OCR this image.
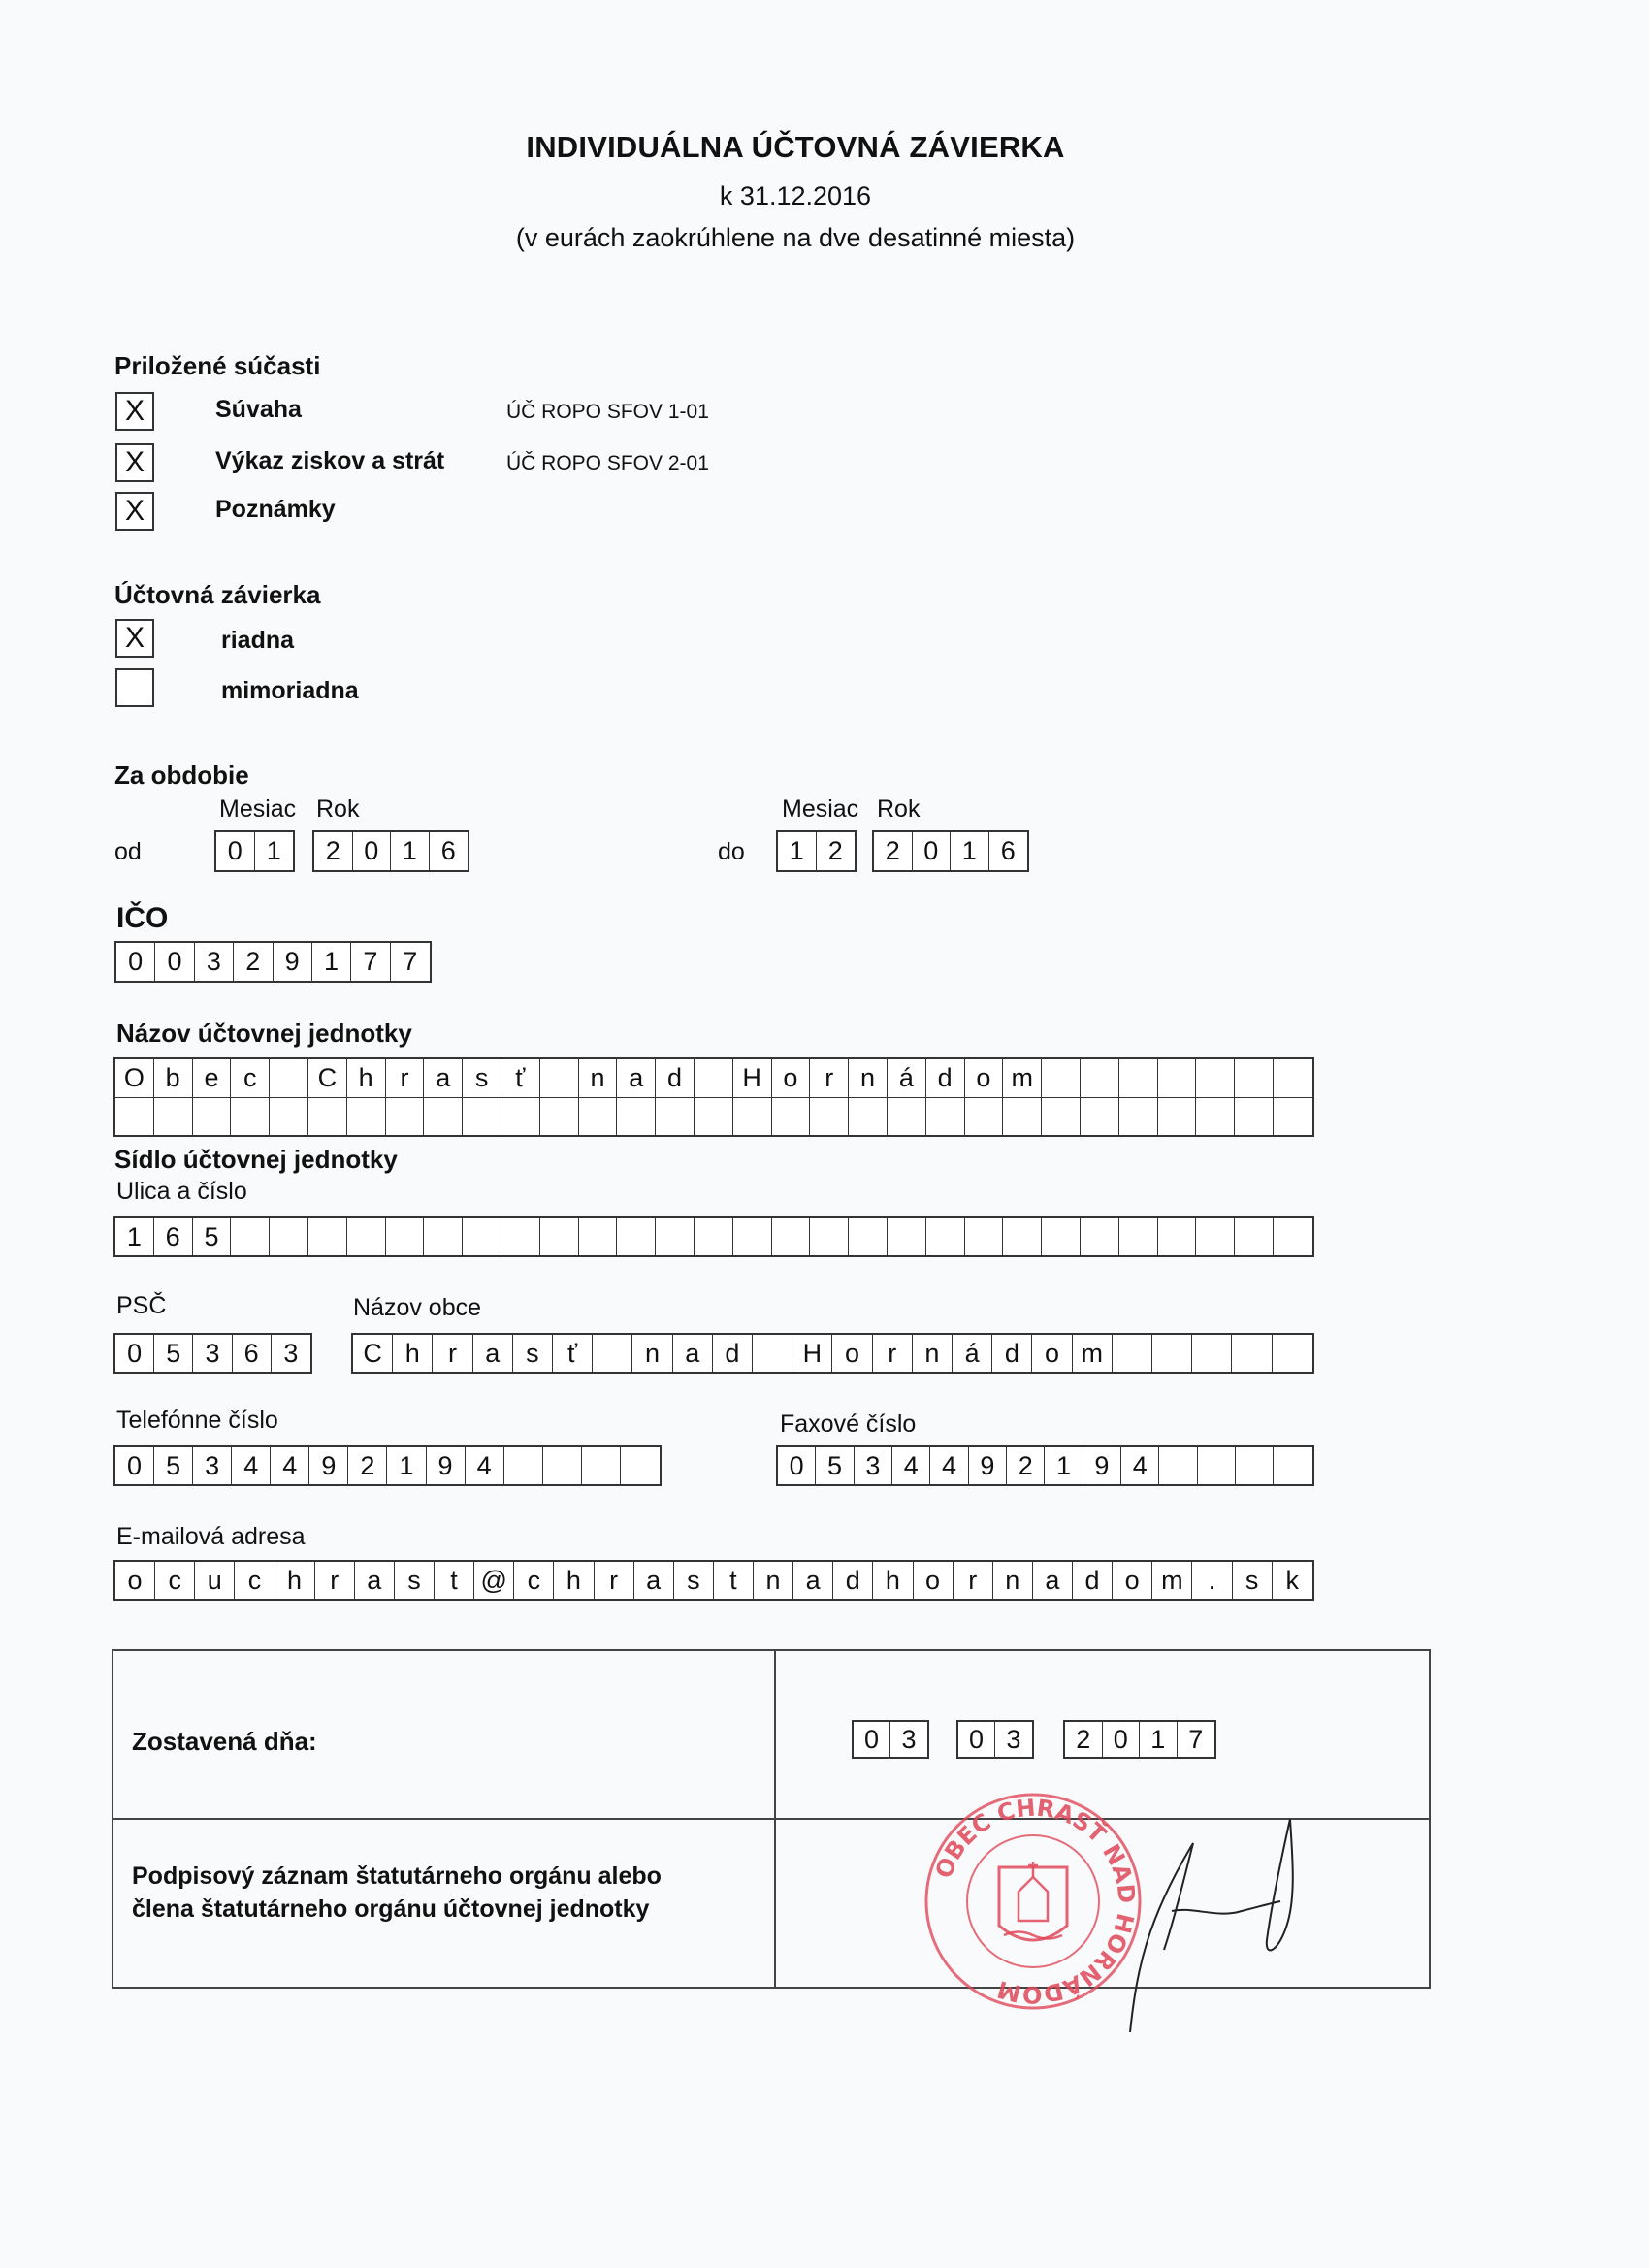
INDIVIDUÁLNA ÚČTOVNÁ ZÁVIERKA
k 31.12.2016
(v eurách zaokrúhlene na dve desatinné miesta)
Priložené súčasti
X	Súvaha	ÚČ ROPO SFOV 1-01
X	Výkaz ziskov a strát	ÚČ ROPO SFOV 2-01
X	Poznámky
Účtovná závierka
X	riadna
mimoriadna
Za obdobie
Mesiac Rok
od	0 1	2 0 1 6
Mesiac Rok
do	1 2	2 0 1 6
IČO
0 0 3 2 9 1 7 7
Názov účtovnej jednotky
O b e c	C h	r	a s	ť	n a d	H o	r	n á d o m
Sídlo účtovnej jednotky
Ulica a číslo
1 6 5
PSČ
0 5 3 6 3
Názov obce
C h	r	a s	ť	n a d	H o	r	n á d o m
Telefónne číslo
0 5 3 4 4 9 2 1 9 4
Faxové číslo
0 5 3 4 4 9 2 1 9 4
E-mailová adresa
o c u c h	r	a s	t @ c h	r	a s	t	n a d h o	r	n a d o m .	s	k
Zostavená dňa:	0 3	0 3	2 0 1 7
Podpisový záznam štatutárneho orgánu alebo
člena štatutárneho orgánu účtovnej jednotky
OBEC CHRASŤ NAD HORNÁDOM
